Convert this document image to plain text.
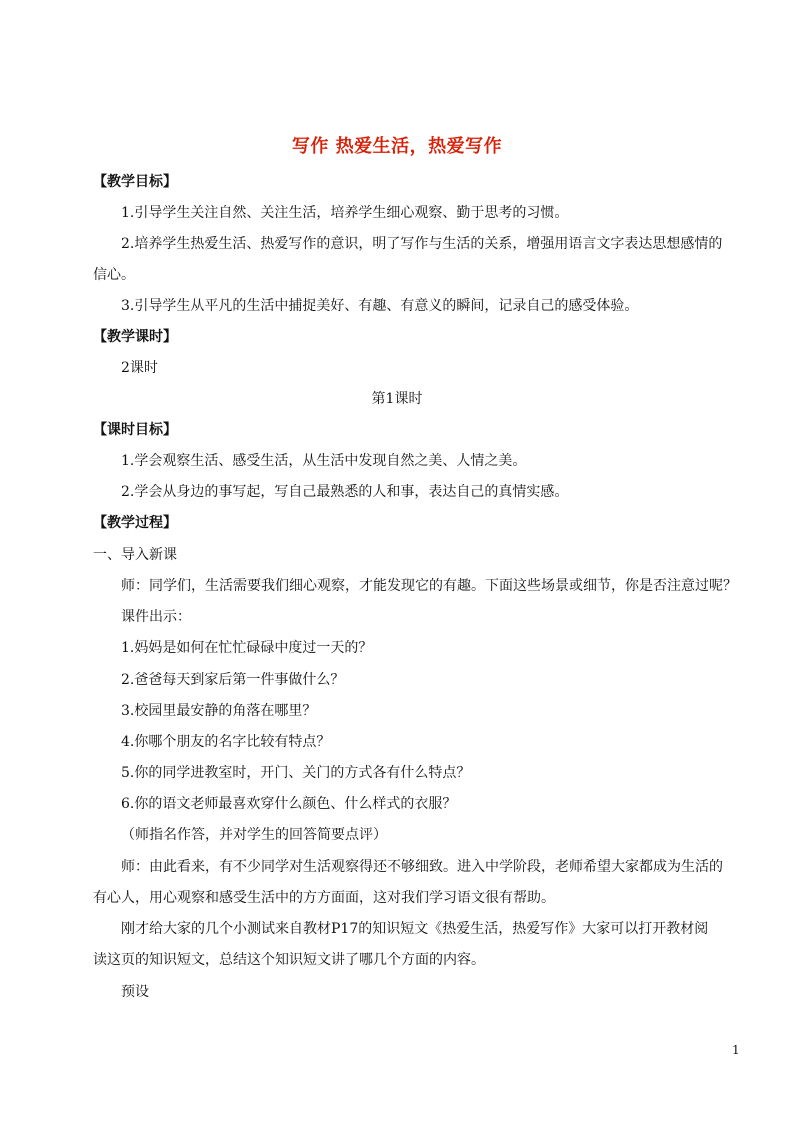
写作 热爱生活，热爱写作
【教学目标】
1.引导学生关注自然、关注生活，培养学生细心观察、勤于思考的习惯。
2.培养学生热爱生活、热爱写作的意识，明了写作与生活的关系，增强用语言文字表达思想感情的
信心。
3.引导学生从平凡的生活中捕捉美好、有趣、有意义的瞬间，记录自己的感受体验。
【教学课时】
2课时
第1课时
【课时目标】
1.学会观察生活、感受生活，从生活中发现自然之美、人情之美。
2.学会从身边的事写起，写自己最熟悉的人和事，表达自己的真情实感。
【教学过程】
一、导入新课
师：同学们，生活需要我们细心观察，才能发现它的有趣。下面这些场景或细节，你是否注意过呢？
课件出示：
1.妈妈是如何在忙忙碌碌中度过一天的？
2.爸爸每天到家后第一件事做什么？
3.校园里最安静的角落在哪里？
4.你哪个朋友的名字比较有特点？
5.你的同学进教室时，开门、关门的方式各有什么特点？
6.你的语文老师最喜欢穿什么颜色、什么样式的衣服？
（师指名作答，并对学生的回答简要点评）
师：由此看来，有不少同学对生活观察得还不够细致。进入中学阶段，老师希望大家都成为生活的
有心人，用心观察和感受生活中的方方面面，这对我们学习语文很有帮助。
刚才给大家的几个小测试来自教材P17的知识短文《热爱生活，热爱写作》大家可以打开教材阅
读这页的知识短文，总结这个知识短文讲了哪几个方面的内容。
预设
1
